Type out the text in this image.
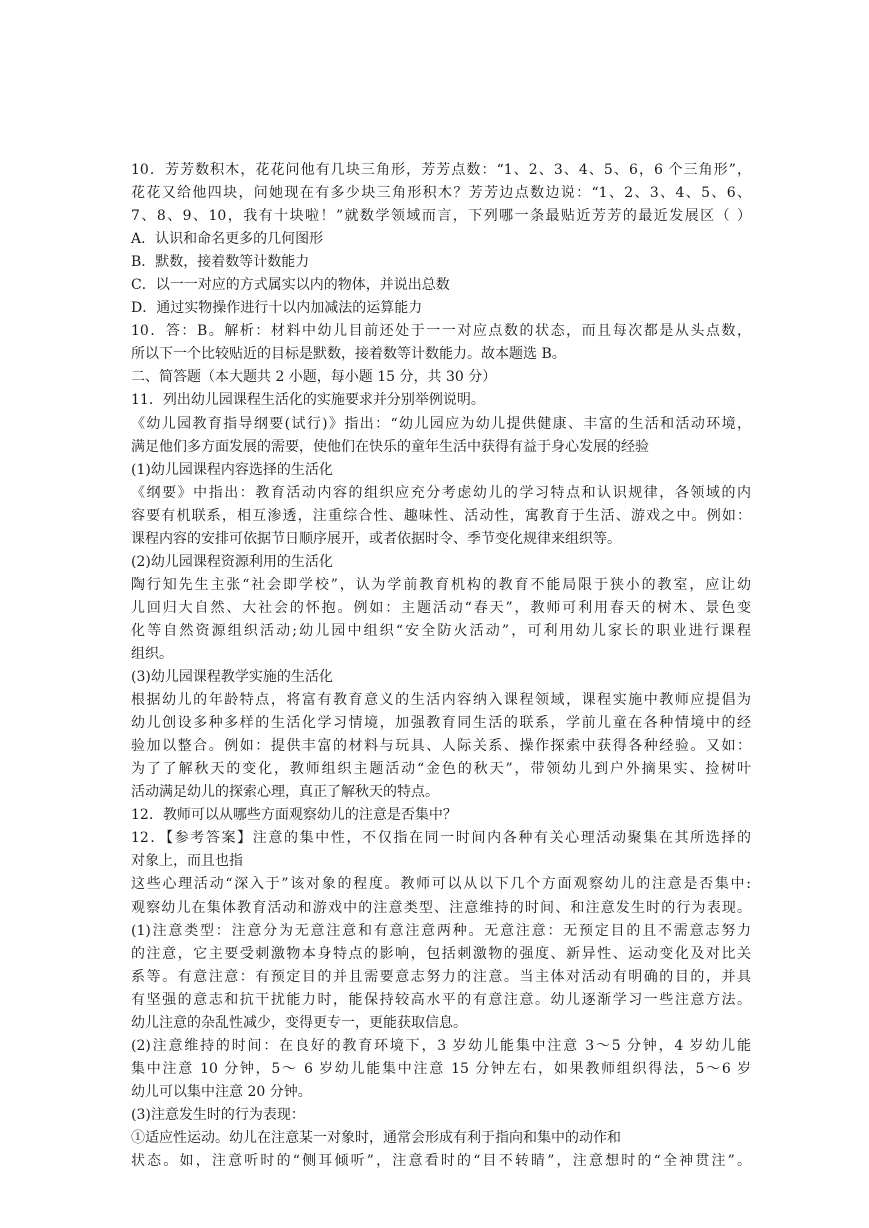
10．芳芳数积木，花花问他有几块三角形，芳芳点数：“1、2、3、4、5、6，6 个三角形”，
花花又给他四块，问她现在有多少块三角形积木？芳芳边点数边说：“1、2、3、4、5、6、
7、8、9、10，我有十块啦！”就数学领域而言，下列哪一条最贴近芳芳的最近发展区（ ）
A．认识和命名更多的几何图形
B．默数，接着数等计数能力
C．以一一对应的方式属实以内的物体，并说出总数
D．通过实物操作进行十以内加减法的运算能力
10．答：B。解析：材料中幼儿目前还处于一一对应点数的状态，而且每次都是从头点数，
所以下一个比较贴近的目标是默数，接着数等计数能力。故本题选 B。
二、简答题（本大题共 2 小题，每小题 15 分，共 30 分）
11．列出幼儿园课程生活化的实施要求并分别举例说明。
《幼儿园教育指导纲要(试行)》指出：“幼儿园应为幼儿提供健康、丰富的生活和活动环境，
满足他们多方面发展的需要，使他们在快乐的童年生活中获得有益于身心发展的经验
(1)幼儿园课程内容选择的生活化
《纲要》中指出：教育活动内容的组织应充分考虑幼儿的学习特点和认识规律，各领域的内
容要有机联系，相互渗透，注重综合性、趣味性、活动性，寓教育于生活、游戏之中。例如：
课程内容的安排可依据节日顺序展开，或者依据时令、季节变化规律来组织等。
(2)幼儿园课程资源利用的生活化
陶行知先生主张“社会即学校”，认为学前教育机构的教育不能局限于狭小的教室，应让幼
儿回归大自然、大社会的怀抱。例如：主题活动“春天”，教师可利用春天的树木、景色变
化等自然资源组织活动;幼儿园中组织“安全防火活动”，可利用幼儿家长的职业进行课程
组织。
(3)幼儿园课程教学实施的生活化
根据幼儿的年龄特点，将富有教育意义的生活内容纳入课程领域，课程实施中教师应提倡为
幼儿创设多种多样的生活化学习情境，加强教育同生活的联系，学前儿童在各种情境中的经
验加以整合。例如：提供丰富的材料与玩具、人际关系、操作探索中获得各种经验。又如：
为了了解秋天的变化，教师组织主题活动“金色的秋天”，带领幼儿到户外摘果实、捡树叶
活动满足幼儿的探索心理，真正了解秋天的特点。
12．教师可以从哪些方面观察幼儿的注意是否集中？
12．【参考答案】注意的集中性，不仅指在同一时间内各种有关心理活动聚集在其所选择的
对象上，而且也指
这些心理活动“深入于”该对象的程度。教师可以从以下几个方面观察幼儿的注意是否集中:
观察幼儿在集体教育活动和游戏中的注意类型、注意维持的时间、和注意发生时的行为表现。
(1)注意类型：注意分为无意注意和有意注意两种。无意注意：无预定目的且不需意志努力
的注意，它主要受刺激物本身特点的影响，包括刺激物的强度、新异性、运动变化及对比关
系等。有意注意：有预定目的并且需要意志努力的注意。当主体对活动有明确的目的，并具
有坚强的意志和抗干扰能力时，能保持较高水平的有意注意。幼儿逐渐学习一些注意方法。
幼儿注意的杂乱性减少，变得更专一，更能获取信息。
(2)注意维持的时间：在良好的教育环境下，3 岁幼儿能集中注意 3～5 分钟，4 岁幼儿能
集中注意 10 分钟，5～ 6 岁幼儿能集中注意 15 分钟左右，如果教师组织得法，5～6 岁
幼儿可以集中注意 20 分钟。
(3)注意发生时的行为表现：
①适应性运动。幼儿在注意某一对象时，通常会形成有利于指向和集中的动作和
状态。如，注意听时的“侧耳倾听”，注意看时的“目不转睛”，注意想时的“全神贯注”。
